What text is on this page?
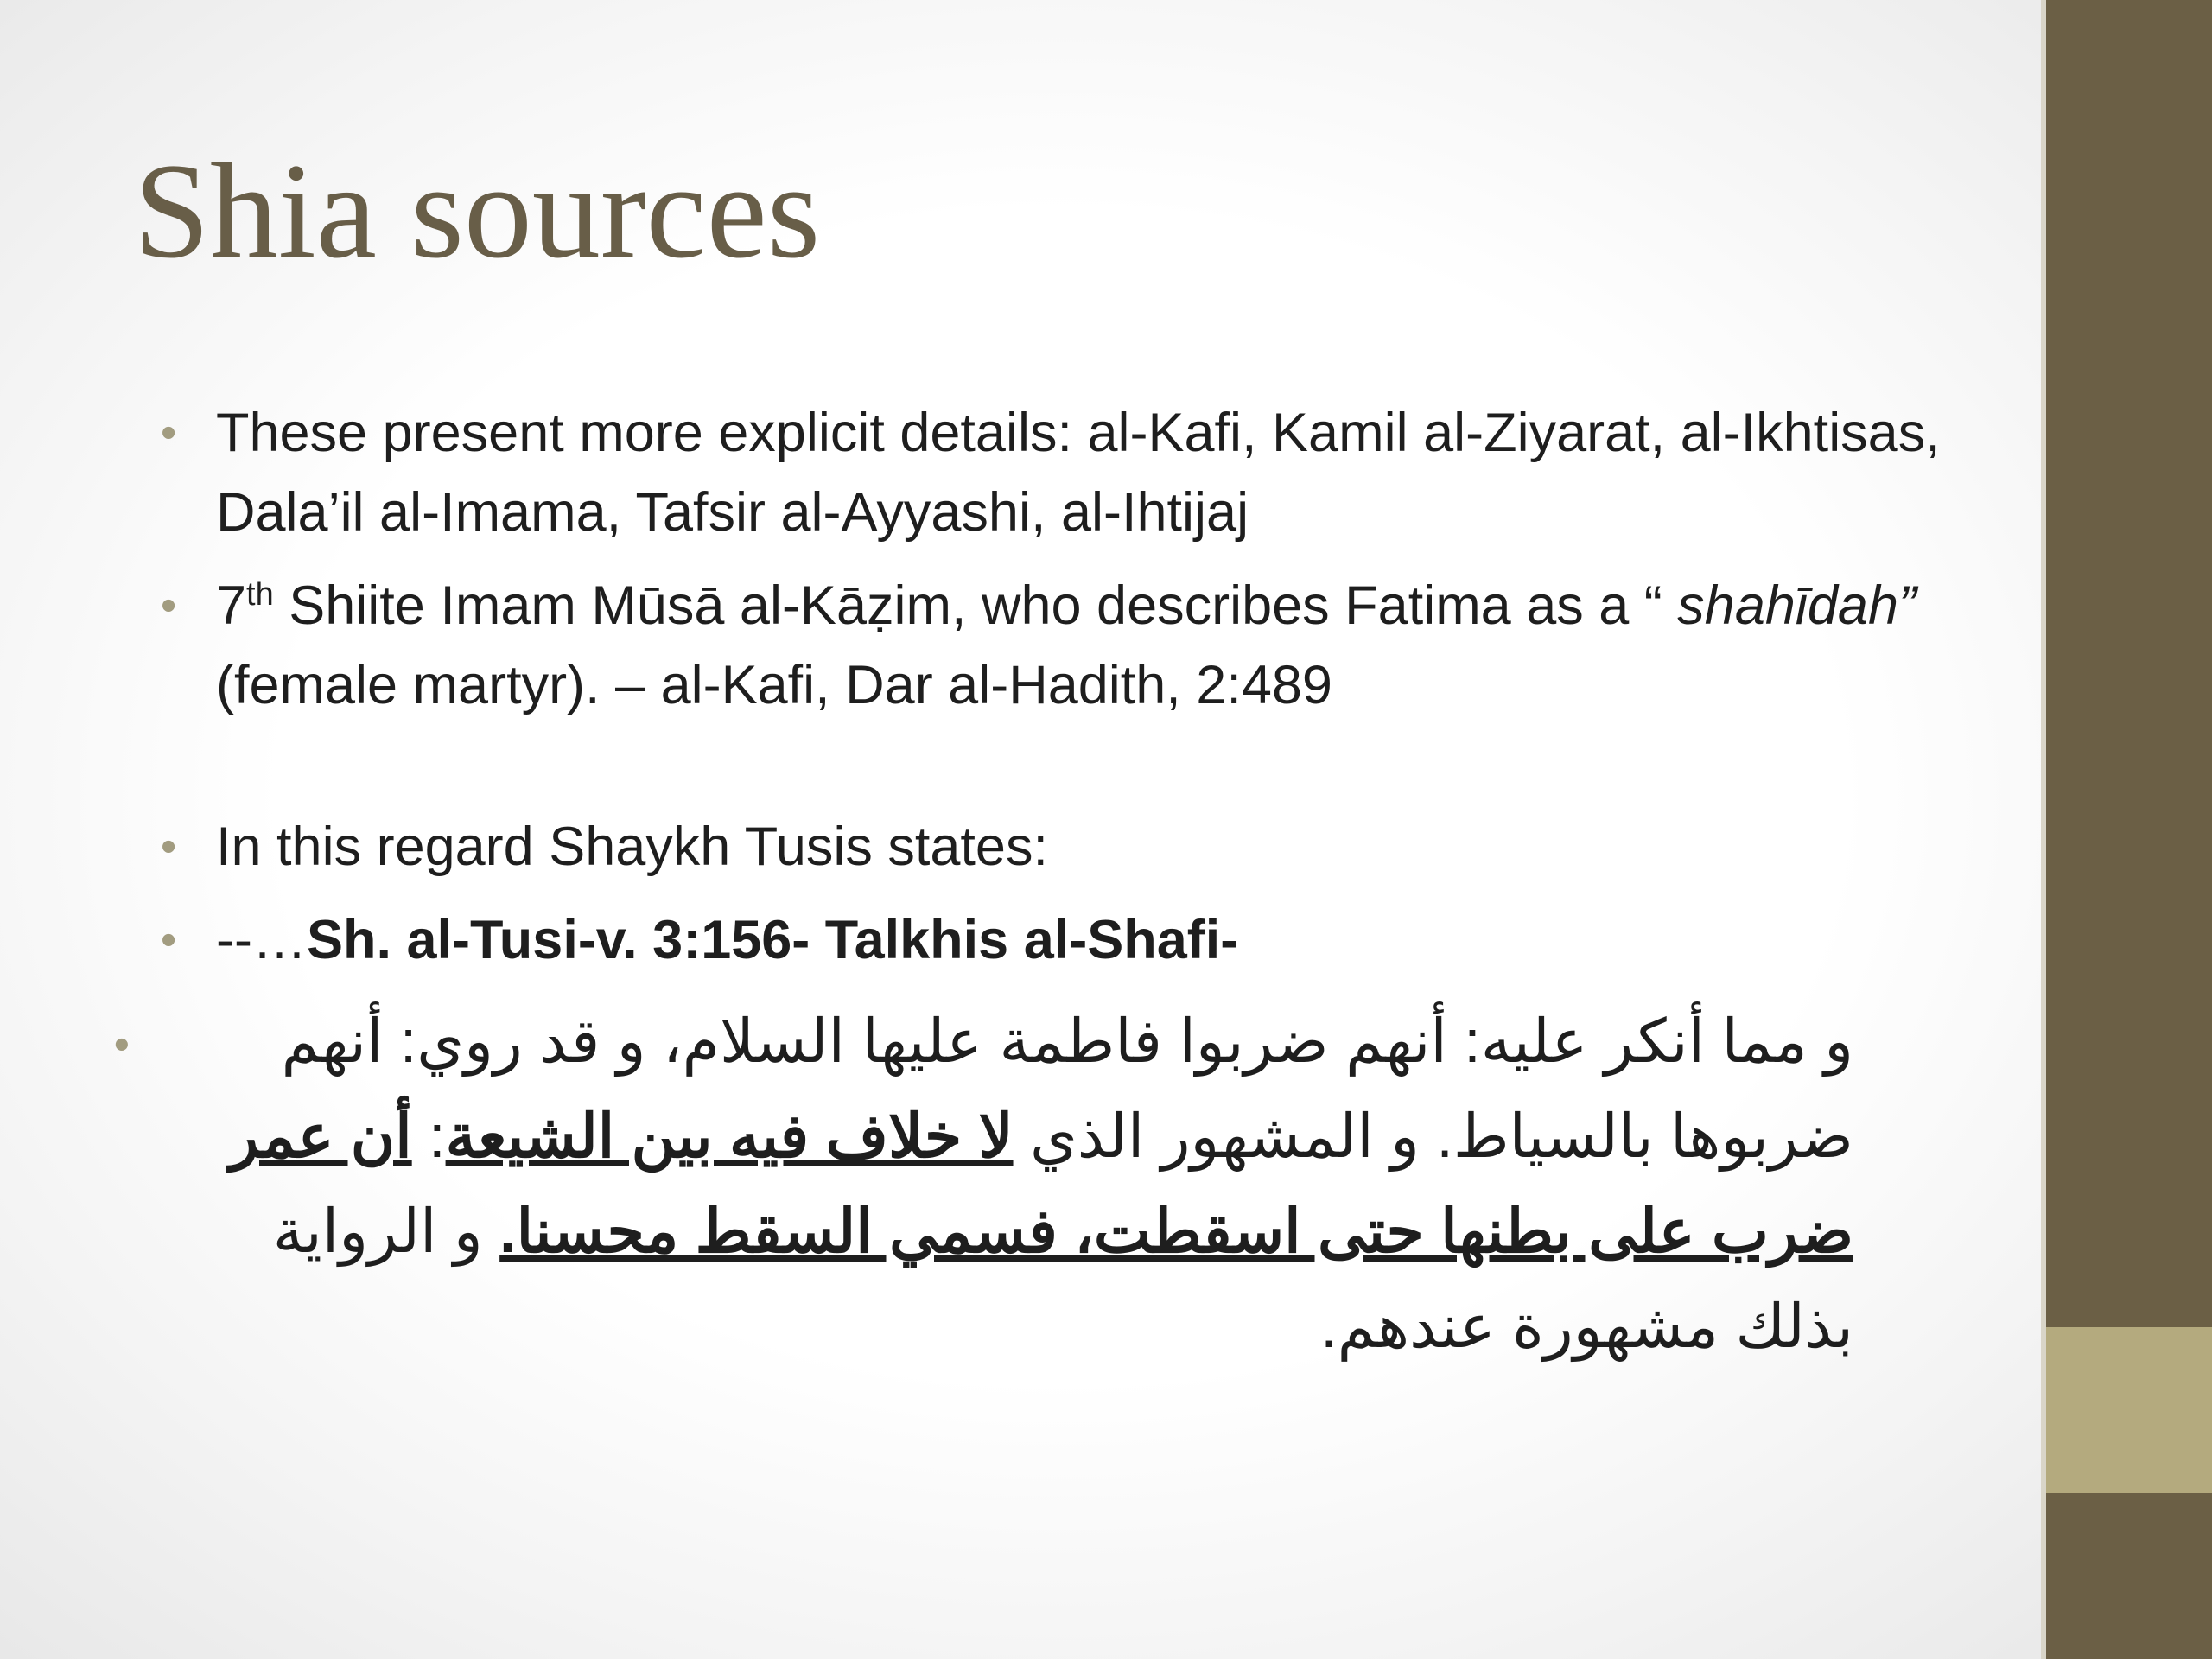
Shia sources
• These present more explicit details: al-Kafi, Kamil al-Ziyarat, al-Ikhtisas, Dala’il al-Imama, Tafsir al-Ayyashi, al-Ihtijaj
• 7th Shiite Imam Mūsā al-Kāẓim, who describes Fatima as a “ shahīdah” (female martyr). – al-Kafi, Dar al-Hadith, 2:489
• In this regard Shaykh Tusis states:
• --…Sh. al-Tusi-v. 3:156- Talkhis al-Shafi-
•	و مما أنكر عليه: أنهم ضربوا فاطمة عليها السلام، و قد روي: أنهم ضربوها بالسياط. و المشهور الذي لا خلاف فيه بين الشيعة: أن عمر ضرب على بطنها حتى اسقطت، فسمي السقط محسنا. و الرواية بذلك مشهورة عندهم.
